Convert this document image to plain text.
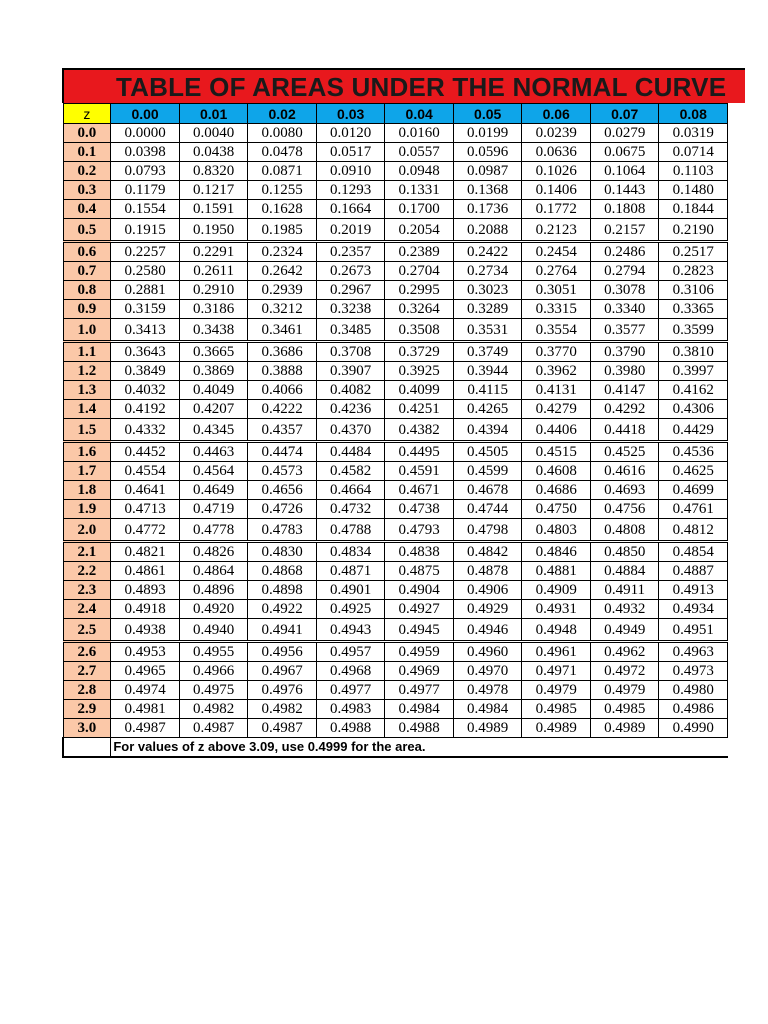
TABLE OF AREAS UNDER THE NORMAL CURVE
z	0.00	0.01	0.02	0.03	0.04	0.05	0.06	0.07	0.08
0.0	0.0000	0.0040	0.0080	0.0120	0.0160	0.0199	0.0239	0.0279	0.0319
0.1	0.0398	0.0438	0.0478	0.0517	0.0557	0.0596	0.0636	0.0675	0.0714
0.2	0.0793	0.8320	0.0871	0.0910	0.0948	0.0987	0.1026	0.1064	0.1103
0.3	0.1179	0.1217	0.1255	0.1293	0.1331	0.1368	0.1406	0.1443	0.1480
0.4	0.1554	0.1591	0.1628	0.1664	0.1700	0.1736	0.1772	0.1808	0.1844
0.5	0.1915	0.1950	0.1985	0.2019	0.2054	0.2088	0.2123	0.2157	0.2190
0.6	0.2257	0.2291	0.2324	0.2357	0.2389	0.2422	0.2454	0.2486	0.2517
0.7	0.2580	0.2611	0.2642	0.2673	0.2704	0.2734	0.2764	0.2794	0.2823
0.8	0.2881	0.2910	0.2939	0.2967	0.2995	0.3023	0.3051	0.3078	0.3106
0.9	0.3159	0.3186	0.3212	0.3238	0.3264	0.3289	0.3315	0.3340	0.3365
1.0	0.3413	0.3438	0.3461	0.3485	0.3508	0.3531	0.3554	0.3577	0.3599
1.1	0.3643	0.3665	0.3686	0.3708	0.3729	0.3749	0.3770	0.3790	0.3810
1.2	0.3849	0.3869	0.3888	0.3907	0.3925	0.3944	0.3962	0.3980	0.3997
1.3	0.4032	0.4049	0.4066	0.4082	0.4099	0.4115	0.4131	0.4147	0.4162
1.4	0.4192	0.4207	0.4222	0.4236	0.4251	0.4265	0.4279	0.4292	0.4306
1.5	0.4332	0.4345	0.4357	0.4370	0.4382	0.4394	0.4406	0.4418	0.4429
1.6	0.4452	0.4463	0.4474	0.4484	0.4495	0.4505	0.4515	0.4525	0.4536
1.7	0.4554	0.4564	0.4573	0.4582	0.4591	0.4599	0.4608	0.4616	0.4625
1.8	0.4641	0.4649	0.4656	0.4664	0.4671	0.4678	0.4686	0.4693	0.4699
1.9	0.4713	0.4719	0.4726	0.4732	0.4738	0.4744	0.4750	0.4756	0.4761
2.0	0.4772	0.4778	0.4783	0.4788	0.4793	0.4798	0.4803	0.4808	0.4812
2.1	0.4821	0.4826	0.4830	0.4834	0.4838	0.4842	0.4846	0.4850	0.4854
2.2	0.4861	0.4864	0.4868	0.4871	0.4875	0.4878	0.4881	0.4884	0.4887
2.3	0.4893	0.4896	0.4898	0.4901	0.4904	0.4906	0.4909	0.4911	0.4913
2.4	0.4918	0.4920	0.4922	0.4925	0.4927	0.4929	0.4931	0.4932	0.4934
2.5	0.4938	0.4940	0.4941	0.4943	0.4945	0.4946	0.4948	0.4949	0.4951
2.6	0.4953	0.4955	0.4956	0.4957	0.4959	0.4960	0.4961	0.4962	0.4963
2.7	0.4965	0.4966	0.4967	0.4968	0.4969	0.4970	0.4971	0.4972	0.4973
2.8	0.4974	0.4975	0.4976	0.4977	0.4977	0.4978	0.4979	0.4979	0.4980
2.9	0.4981	0.4982	0.4982	0.4983	0.4984	0.4984	0.4985	0.4985	0.4986
3.0	0.4987	0.4987	0.4987	0.4988	0.4988	0.4989	0.4989	0.4989	0.4990
	For values of z above 3.09, use 0.4999 for the area.								
